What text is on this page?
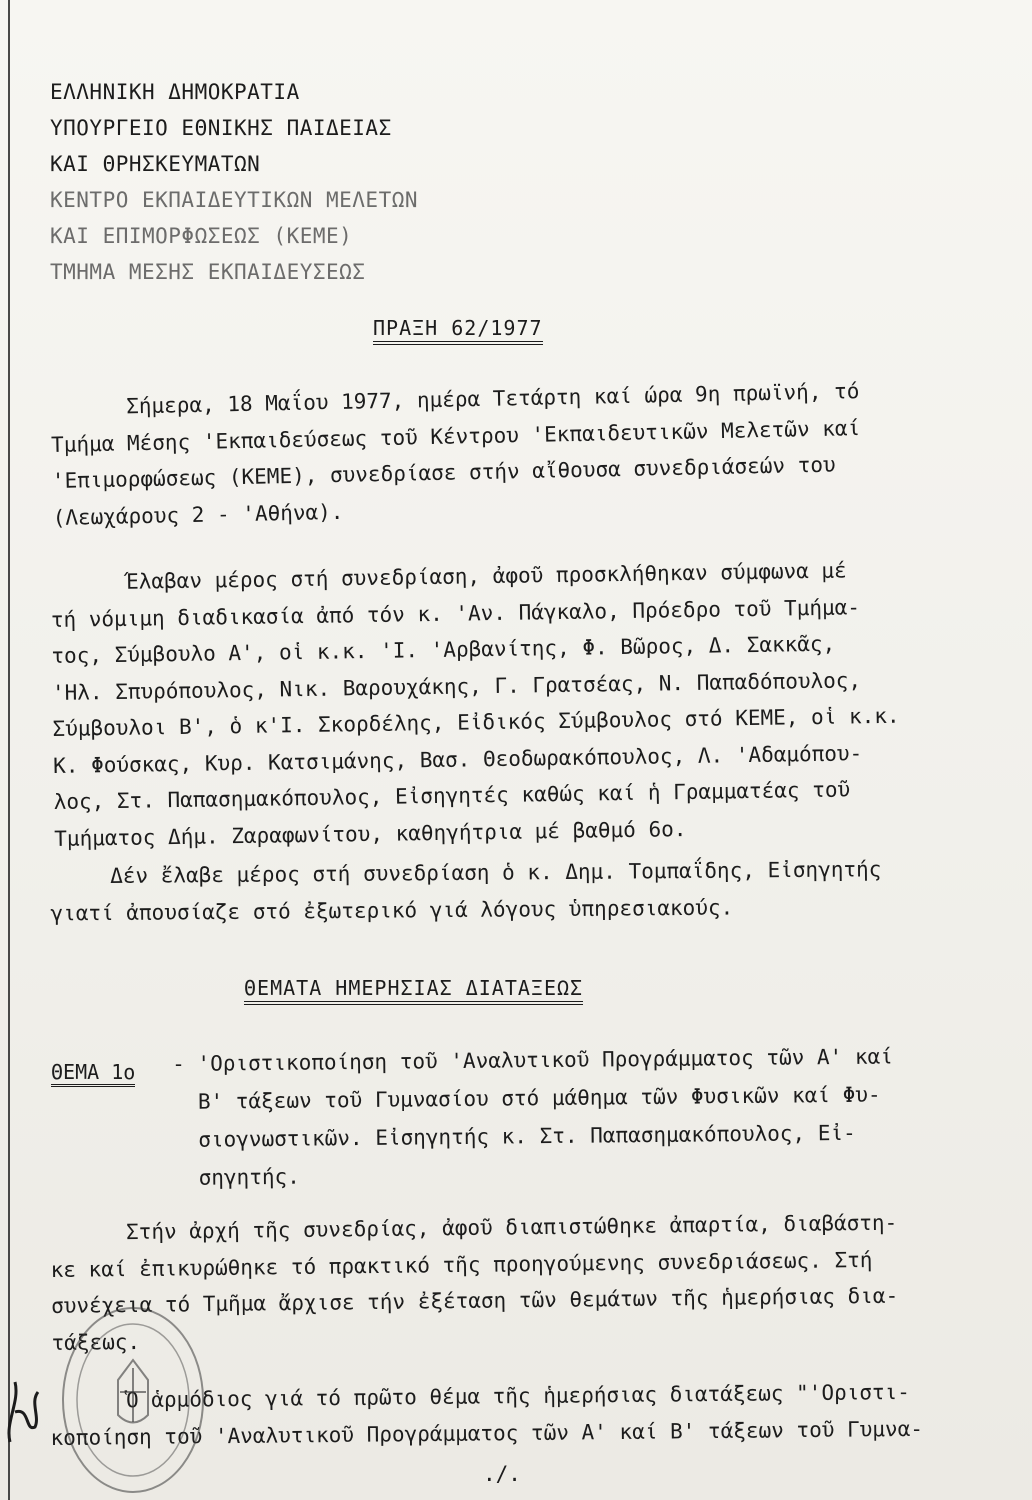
ΕΛΛΗΝΙΚΗ ΔΗΜΟΚΡΑΤΙΑ
ΥΠΟΥΡΓΕΙΟ ΕΘΝΙΚΗΣ ΠΑΙΔΕΙΑΣ
ΚΑΙ ΘΡΗΣΚΕΥΜΑΤΩΝ
ΚΕΝΤΡΟ ΕΚΠΑΙΔΕΥΤΙΚΩΝ ΜΕΛΕΤΩΝ
ΚΑΙ ΕΠΙΜΟΡΦΩΣΕΩΣ (ΚΕΜΕ)
ΤΜΗΜΑ ΜΕΣΗΣ ΕΚΠΑΙΔΕΥΣΕΩΣ
ΠΡΑΞΗ 62/1977
Σήμερα, 18 Μαΐου 1977, ημέρα Τετάρτη καί ώρα 9η πρωϊνή, τό
Τμήμα Μέσης 'Εκπαιδεύσεως τοῦ Κέντρου 'Εκπαιδευτικῶν Μελετῶν καί
'Επιμορφώσεως (ΚΕΜΕ), συνεδρίασε στήν αἴθουσα συνεδριάσεών του
(Λεωχάρους 2 - 'Αθήνα).
Έλαβαν μέρος στή συνεδρίαση, ἀφοῦ προσκλήθηκαν σύμφωνα μέ
τή νόμιμη διαδικασία ἀπό τόν κ. 'Αν. Πάγκαλο, Πρόεδρο τοῦ Τμήμα-
τος, Σύμβουλο Α', οἱ κ.κ. 'Ι. 'Αρβανίτης, Φ. Βῶρος, Δ. Σακκᾶς,
'Ηλ. Σπυρόπουλος, Νικ. Βαρουχάκης, Γ. Γρατσέας, Ν. Παπαδόπουλος,
Σύμβουλοι Β', ὁ κ'Ι. Σκορδέλης, Εἰδικός Σύμβουλος στό ΚΕΜΕ, οἱ κ.κ.
Κ. Φούσκας, Κυρ. Κατσιμάνης, Βασ. Θεοδωρακόπουλος, Λ. 'Αδαμόπου-
λος, Στ. Παπασημακόπουλος, Εἰσηγητές καθώς καί ἡ Γραμματέας τοῦ
Τμήματος Δήμ. Ζαραφωνίτου, καθηγήτρια μέ βαθμό 6ο.
Δέν ἔλαβε μέρος στή συνεδρίαση ὁ κ. Δημ. Τομπαΐδης, Εἰσηγητής
γιατί ἀπουσίαζε στό ἐξωτερικό γιά λόγους ὑπηρεσιακούς.
ΘΕΜΑΤΑ ΗΜΕΡΗΣΙΑΣ ΔΙΑΤΑΞΕΩΣ
ΘΕΜΑ 1ο - 'Οριστικοποίηση τοῦ 'Αναλυτικοῦ Προγράμματος τῶν Α' καί
Β' τάξεων τοῦ Γυμνασίου στό μάθημα τῶν Φυσικῶν καί Φυ-
σιογνωστικῶν. Εἰσηγητής κ. Στ. Παπασημακόπουλος, Εἰ-
σηγητής.
Στήν ἀρχή τῆς συνεδρίας, ἀφοῦ διαπιστώθηκε ἀπαρτία, διαβάστη-
κε καί ἐπικυρώθηκε τό πρακτικό τῆς προηγούμενης συνεδριάσεως. Στή
συνέχεια τό Τμῆμα ἄρχισε τήν ἐξέταση τῶν θεμάτων τῆς ἡμερήσιας δια-
τάξεως.
Ὁ ἁρμόδιος γιά τό πρῶτο θέμα τῆς ἡμερήσιας διατάξεως "'Οριστι-
κοποίηση τοῦ 'Αναλυτικοῦ Προγράμματος τῶν Α' καί Β' τάξεων τοῦ Γυμνα-
./.
